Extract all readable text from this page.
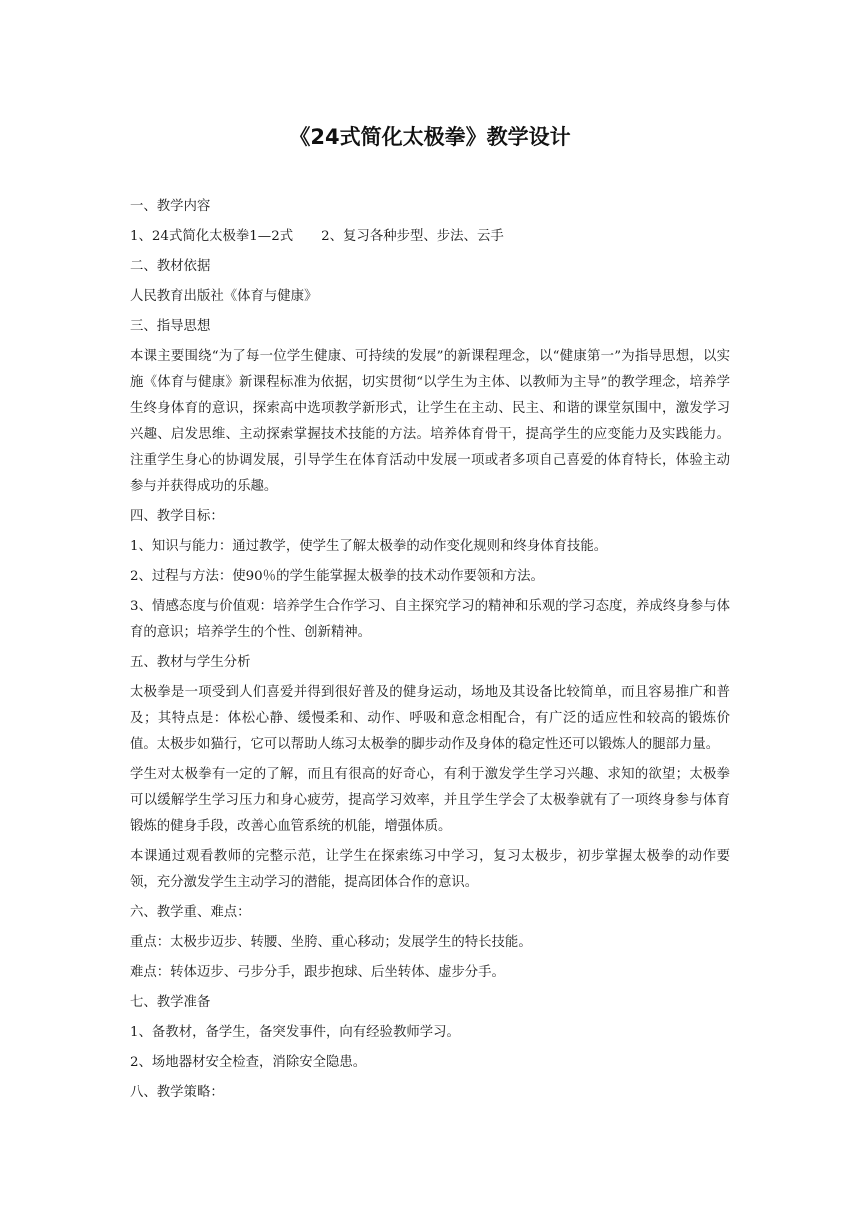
《24式简化太极拳》教学设计

一、教学内容

1、24式简化太极拳1—2式 2、复习各种步型、步法、云手

二、教材依据

人民教育出版社《体育与健康》

三、指导思想

本课主要围绕“为了每一位学生健康、可持续的发展”的新课程理念，以“健康第一”为指导思想，以实施《体育与健康》新课程标准为依据，切实贯彻“以学生为主体、以教师为主导”的教学理念，培养学生终身体育的意识，探索高中选项教学新形式，让学生在主动、民主、和谐的课堂氛围中，激发学习兴趣、启发思维、主动探索掌握技术技能的方法。培养体育骨干，提高学生的应变能力及实践能力。注重学生身心的协调发展，引导学生在体育活动中发展一项或者多项自己喜爱的体育特长，体验主动参与并获得成功的乐趣。

四、教学目标：

1、知识与能力：通过教学，使学生了解太极拳的动作变化规则和终身体育技能。

2、过程与方法：使90％的学生能掌握太极拳的技术动作要领和方法。

3、情感态度与价值观：培养学生合作学习、自主探究学习的精神和乐观的学习态度，养成终身参与体育的意识；培养学生的个性、创新精神。

五、教材与学生分析

太极拳是一项受到人们喜爱并得到很好普及的健身运动，场地及其设备比较简单，而且容易推广和普及；其特点是：体松心静、缓慢柔和、动作、呼吸和意念相配合，有广泛的适应性和较高的锻炼价值。太极步如猫行，它可以帮助人练习太极拳的脚步动作及身体的稳定性还可以锻炼人的腿部力量。

学生对太极拳有一定的了解，而且有很高的好奇心，有利于激发学生学习兴趣、求知的欲望；太极拳可以缓解学生学习压力和身心疲劳，提高学习效率，并且学生学会了太极拳就有了一项终身参与体育锻炼的健身手段，改善心血管系统的机能，增强体质。

本课通过观看教师的完整示范，让学生在探索练习中学习，复习太极步，初步掌握太极拳的动作要领，充分激发学生主动学习的潜能，提高团体合作的意识。

六、教学重、难点：

重点：太极步迈步、转腰、坐胯、重心移动；发展学生的特长技能。

难点：转体迈步、弓步分手，跟步抱球、后坐转体、虚步分手。

七、教学准备

1、备教材，备学生，备突发事件，向有经验教师学习。

2、场地器材安全检查，消除安全隐患。

八、教学策略：
